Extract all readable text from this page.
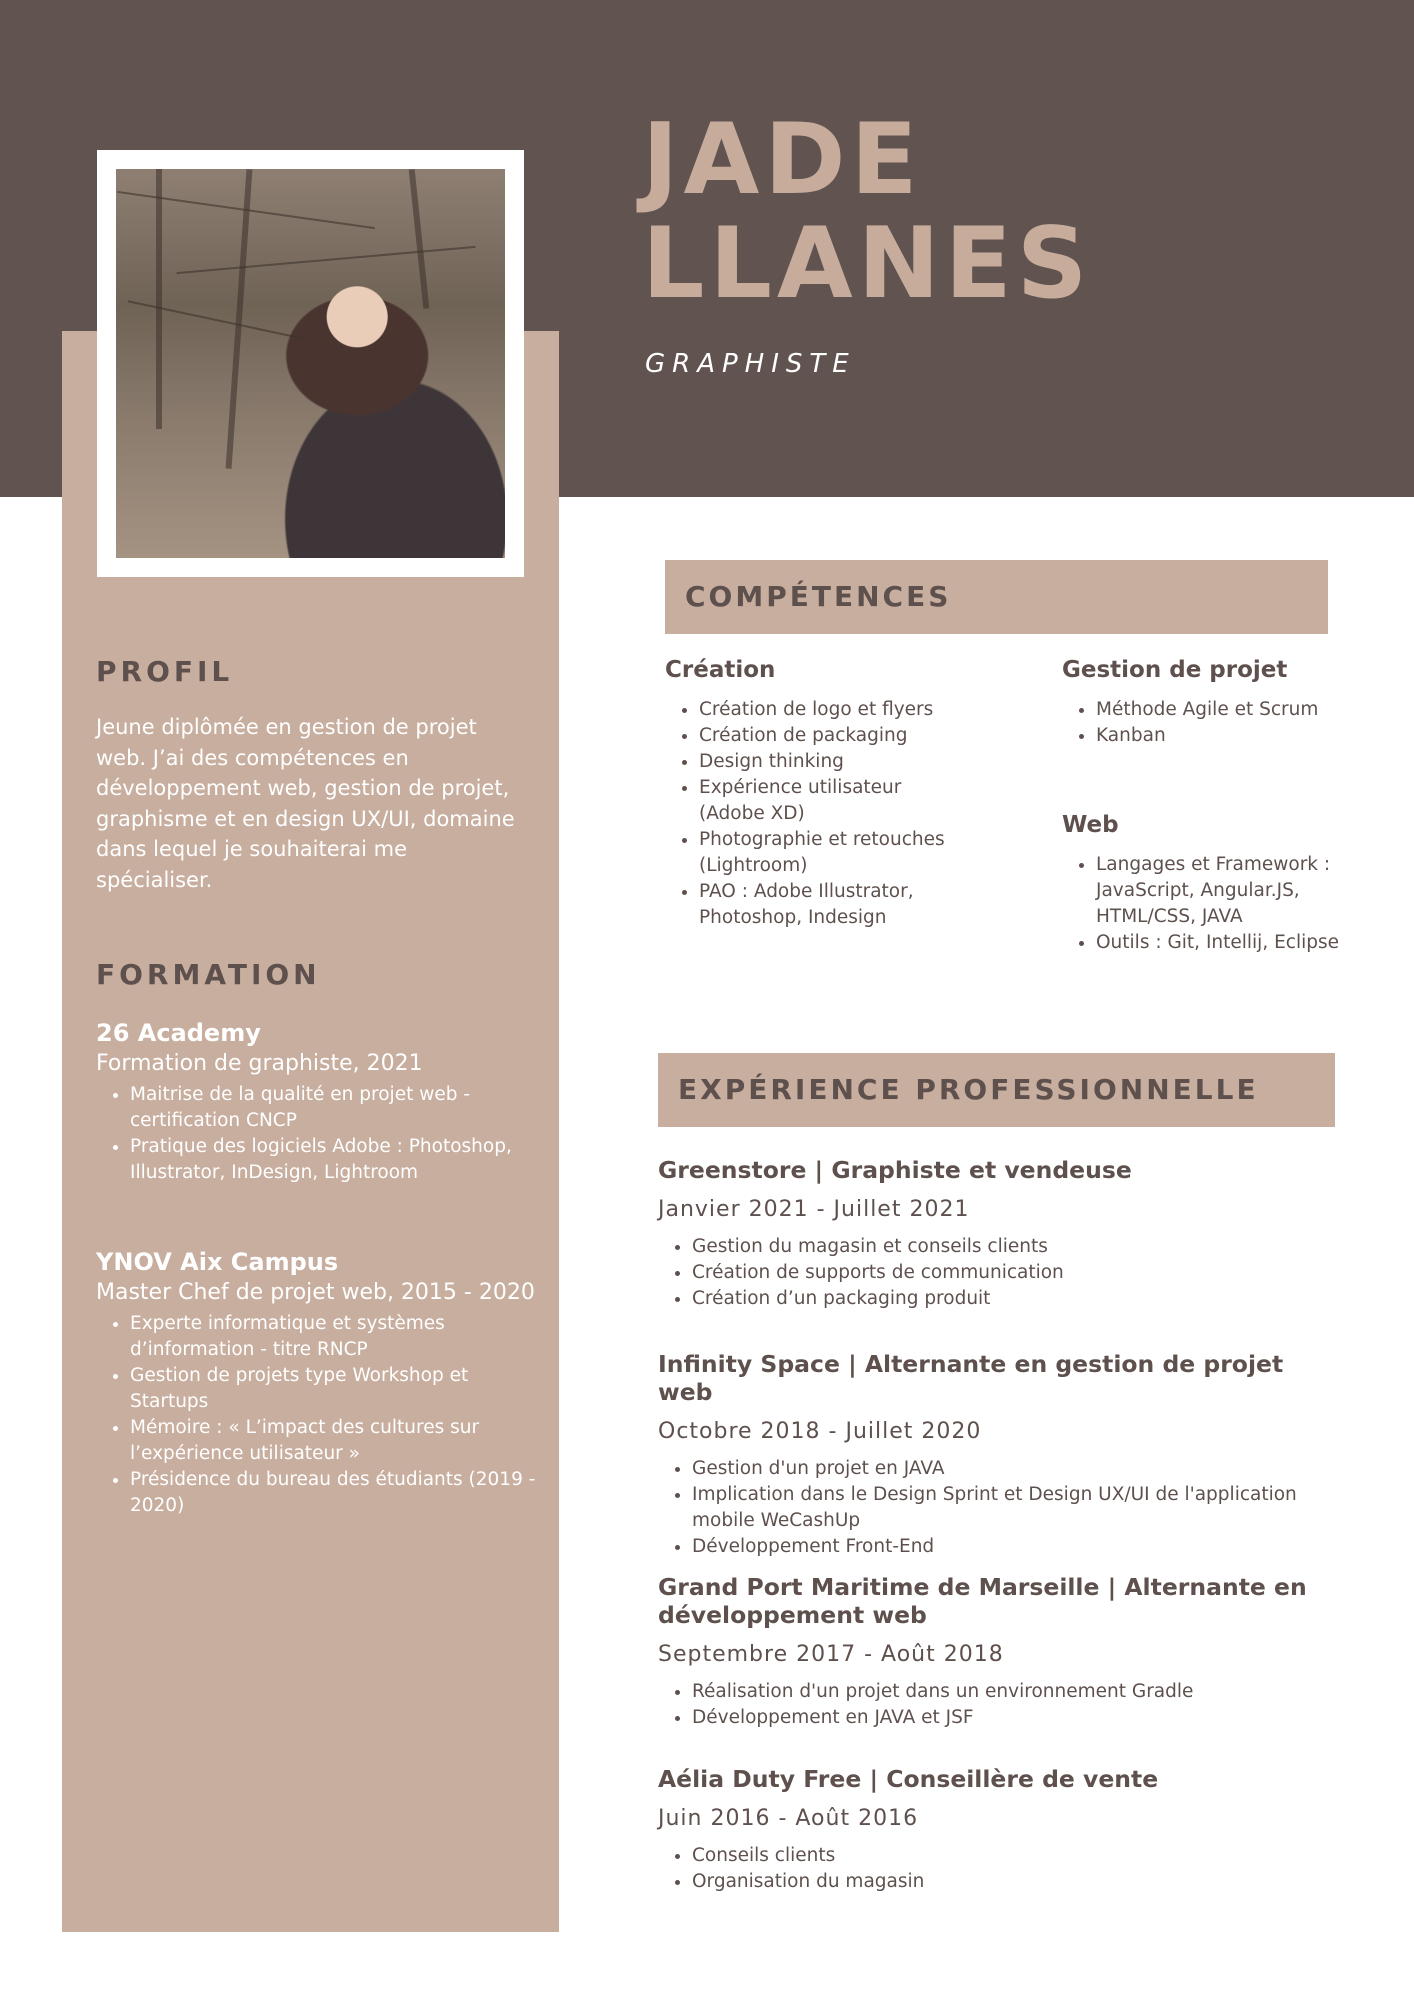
JADE
LLANES
GRAPHISTE
PROFIL

Jeune diplômée en gestion de projet web. J’ai des compétences en développement web, gestion de projet, graphisme et en design UX/UI, domaine dans lequel je souhaiterai me spécialiser.

FORMATION

26 Academy

Formation de graphiste, 2021

• Maitrise de la qualité en projet web - certification CNCP
• Pratique des logiciels Adobe : Photoshop, Illustrator, InDesign, Lightroom

YNOV Aix Campus

Master Chef de projet web, 2015 - 2020

• Experte informatique et systèmes d’information - titre RNCP
• Gestion de projets type Workshop et Startups
• Mémoire : « L’impact des cultures sur l’expérience utilisateur »
• Présidence du bureau des étudiants (2019 - 2020)
COMPÉTENCES
Création
• Création de logo et flyers
• Création de packaging
• Design thinking
• Expérience utilisateur (Adobe XD)
• Photographie et retouches (Lightroom)
• PAO : Adobe Illustrator, Photoshop, Indesign
Gestion de projet
• Méthode Agile et Scrum
• Kanban
Web
• Langages et Framework : JavaScript, Angular.JS, HTML/CSS, JAVA
• Outils : Git, Intellij, Eclipse
EXPÉRIENCE PROFESSIONNELLE
Greenstore | Graphiste et vendeuse

Janvier 2021 - Juillet 2021

• Gestion du magasin et conseils clients
• Création de supports de communication
• Création d’un packaging produit
Infinity Space | Alternante en gestion de projet web

Octobre 2018 - Juillet 2020

• Gestion d'un projet en JAVA
• Implication dans le Design Sprint et Design UX/UI de l'application mobile WeCashUp
• Développement Front-End
Grand Port Maritime de Marseille | Alternante en développement web

Septembre 2017 - Août 2018

• Réalisation d'un projet dans un environnement Gradle
• Développement en JAVA et JSF
Aélia Duty Free | Conseillère de vente

Juin 2016 - Août 2016

• Conseils clients
• Organisation du magasin
